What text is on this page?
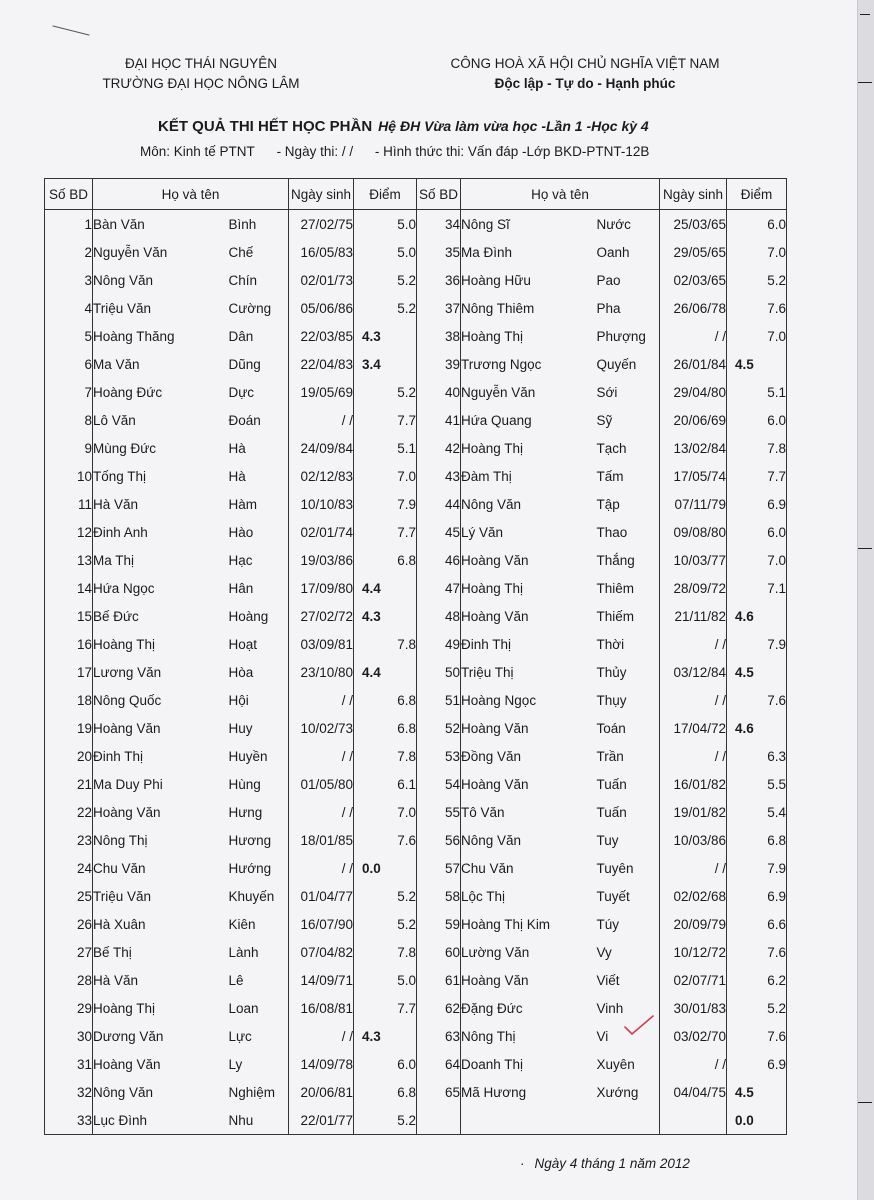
ĐẠI HỌC THÁI NGUYÊN
TRƯỜNG ĐẠI HỌC NÔNG LÂM
CÔNG HOÀ XÃ HỘI CHỦ NGHĨA VIỆT NAM
Độc lập - Tự do - Hạnh phúc
KẾT QUẢ THI HẾT HỌC PHẦN Hệ ĐH Vừa làm vừa học -Lần 1 -Học kỳ 4
Môn: Kinh tế PTNT - Ngày thi: / / - Hình thức thi: Vấn đáp -Lớp BKD-PTNT-12B
Số BD	Họ và tên		Ngày sinh	Điểm	Số BD	Họ và tên		Ngày sinh	Điểm
1	Bàn Văn	Bình	27/02/75	5.0	34	Nông Sĩ	Nước	25/03/65	6.0
2	Nguyễn Văn	Chế	16/05/83	5.0	35	Ma Đình	Oanh	29/05/65	7.0
3	Nông Văn	Chín	02/01/73	5.2	36	Hoàng Hữu	Pao	02/03/65	5.2
4	Triệu Văn	Cường	05/06/86	5.2	37	Nông Thiêm	Pha	26/06/78	7.6
5	Hoàng Thăng	Dân	22/03/85	4.3	38	Hoàng Thị	Phượng	/ /	7.0
6	Ma Văn	Dũng	22/04/83	3.4	39	Trương Ngọc	Quyến	26/01/84	4.5
7	Hoàng Đức	Dực	19/05/69	5.2	40	Nguyễn Văn	Sới	29/04/80	5.1
8	Lô Văn	Đoán	/ /	7.7	41	Hứa Quang	Sỹ	20/06/69	6.0
9	Mùng Đức	Hà	24/09/84	5.1	42	Hoàng Thị	Tạch	13/02/84	7.8
10	Tống Thị	Hà	02/12/83	7.0	43	Đàm Thị	Tấm	17/05/74	7.7
11	Hà Văn	Hàm	10/10/83	7.9	44	Nông Văn	Tập	07/11/79	6.9
12	Đinh Anh	Hào	02/01/74	7.7	45	Lý Văn	Thao	09/08/80	6.0
13	Ma Thị	Hạc	19/03/86	6.8	46	Hoàng Văn	Thắng	10/03/77	7.0
14	Hứa Ngọc	Hân	17/09/80	4.4	47	Hoàng Thị	Thiêm	28/09/72	7.1
15	Bế Đức	Hoàng	27/02/72	4.3	48	Hoàng Văn	Thiếm	21/11/82	4.6
16	Hoàng Thị	Hoạt	03/09/81	7.8	49	Đinh Thị	Thời	/ /	7.9
17	Lương Văn	Hòa	23/10/80	4.4	50	Triệu Thị	Thủy	03/12/84	4.5
18	Nông Quốc	Hội	/ /	6.8	51	Hoàng Ngọc	Thụy	/ /	7.6
19	Hoàng Văn	Huy	10/02/73	6.8	52	Hoàng Văn	Toán	17/04/72	4.6
20	Đinh Thị	Huyền	/ /	7.8	53	Đồng Văn	Trần	/ /	6.3
21	Ma Duy Phi	Hùng	01/05/80	6.1	54	Hoàng Văn	Tuấn	16/01/82	5.5
22	Hoàng Văn	Hưng	/ /	7.0	55	Tô Văn	Tuấn	19/01/82	5.4
23	Nông Thị	Hương	18/01/85	7.6	56	Nông Văn	Tuy	10/03/86	6.8
24	Chu Văn	Hướng	/ /	0.0	57	Chu Văn	Tuyên	/ /	7.9
25	Triệu Văn	Khuyến	01/04/77	5.2	58	Lộc Thị	Tuyết	02/02/68	6.9
26	Hà Xuân	Kiên	16/07/90	5.2	59	Hoàng Thị Kim	Túy	20/09/79	6.6
27	Bế Thị	Lành	07/04/82	7.8	60	Lường Văn	Vy	10/12/72	7.6
28	Hà Văn	Lê	14/09/71	5.0	61	Hoàng Văn	Viết	02/07/71	6.2
29	Hoàng Thị	Loan	16/08/81	7.7	62	Đặng Đức	Vinh	30/01/83	5.2
30	Dương Văn	Lực	/ /	4.3	63	Nông Thị	Vi	03/02/70	7.6
31	Hoàng Văn	Ly	14/09/78	6.0	64	Doanh Thị	Xuyên	/ /	6.9
32	Nông Văn	Nghiệm	20/06/81	6.8	65	Mã Hương	Xướng	04/04/75	4.5
33	Lục Đình	Nhu	22/01/77	5.2					0.0
· Ngày 4 tháng 1 năm 2012
